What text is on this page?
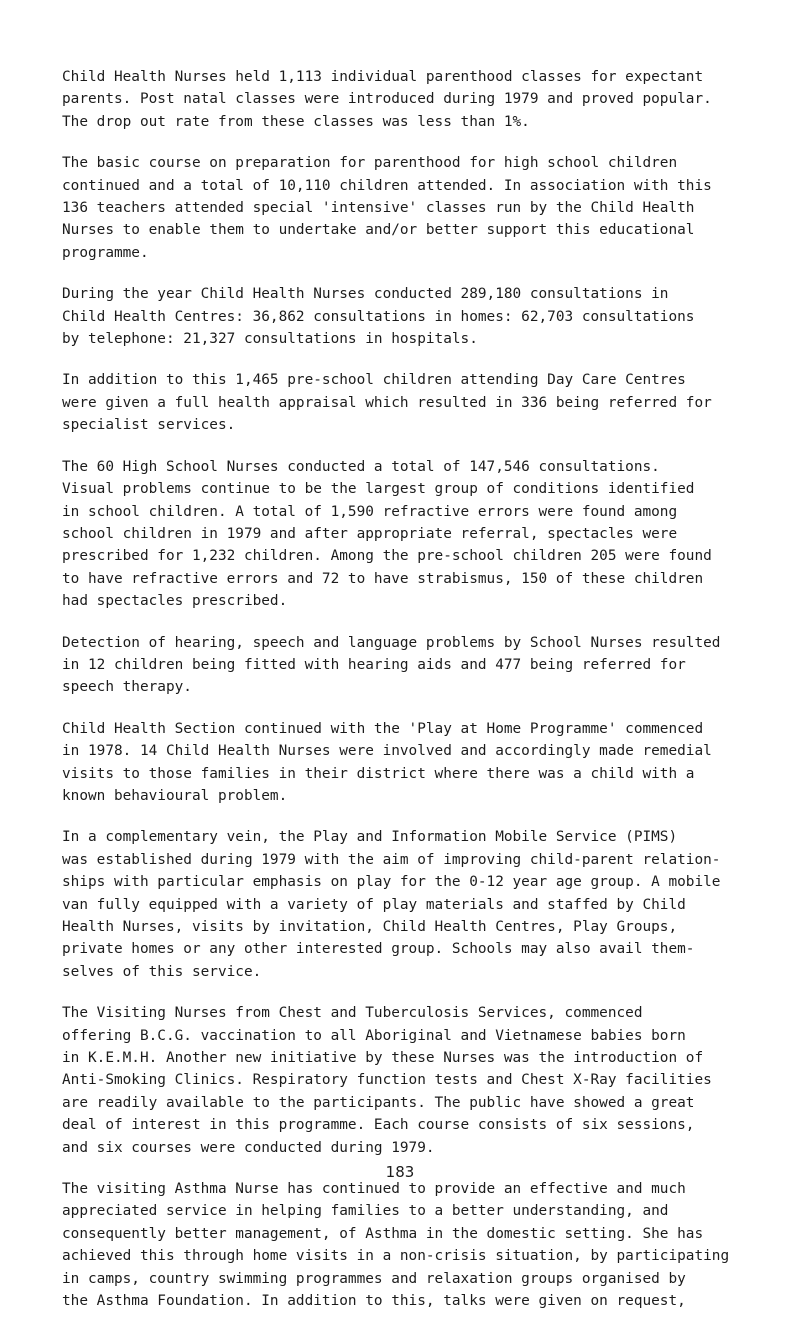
Child Health Nurses held 1,113 individual parenthood classes for expectant
parents. Post natal classes were introduced during 1979 and proved popular.
The drop out rate from these classes was less than 1%.

The basic course on preparation for parenthood for high school children
continued and a total of 10,110 children attended. In association with this
136 teachers attended special 'intensive' classes run by the Child Health
Nurses to enable them to undertake and/or better support this educational
programme.

During the year Child Health Nurses conducted 289,180 consultations in
Child Health Centres: 36,862 consultations in homes: 62,703 consultations
by telephone: 21,327 consultations in hospitals.

In addition to this 1,465 pre-school children attending Day Care Centres
were given a full health appraisal which resulted in 336 being referred for
specialist services.

The 60 High School Nurses conducted a total of 147,546 consultations.
Visual problems continue to be the largest group of conditions identified
in school children. A total of 1,590 refractive errors were found among
school children in 1979 and after appropriate referral, spectacles were
prescribed for 1,232 children. Among the pre-school children 205 were found
to have refractive errors and 72 to have strabismus, 150 of these children
had spectacles prescribed.

Detection of hearing, speech and language problems by School Nurses resulted
in 12 children being fitted with hearing aids and 477 being referred for
speech therapy.

Child Health Section continued with the 'Play at Home Programme' commenced
in 1978. 14 Child Health Nurses were involved and accordingly made remedial
visits to those families in their district where there was a child with a
known behavioural problem.

In a complementary vein, the Play and Information Mobile Service (PIMS)
was established during 1979 with the aim of improving child-parent relation-
ships with particular emphasis on play for the 0-12 year age group. A mobile
van fully equipped with a variety of play materials and staffed by Child
Health Nurses, visits by invitation, Child Health Centres, Play Groups,
private homes or any other interested group. Schools may also avail them-
selves of this service.

The Visiting Nurses from Chest and Tuberculosis Services, commenced
offering B.C.G. vaccination to all Aboriginal and Vietnamese babies born
in K.E.M.H. Another new initiative by these Nurses was the introduction of
Anti-Smoking Clinics. Respiratory function tests and Chest X-Ray facilities
are readily available to the participants. The public have showed a great
deal of interest in this programme. Each course consists of six sessions,
and six courses were conducted during 1979.

The visiting Asthma Nurse has continued to provide an effective and much
appreciated service in helping families to a better understanding, and
consequently better management, of Asthma in the domestic setting. She has
achieved this through home visits in a non-crisis situation, by participating
in camps, country swimming programmes and relaxation groups organised by
the Asthma Foundation. In addition to this, talks were given on request,

183
